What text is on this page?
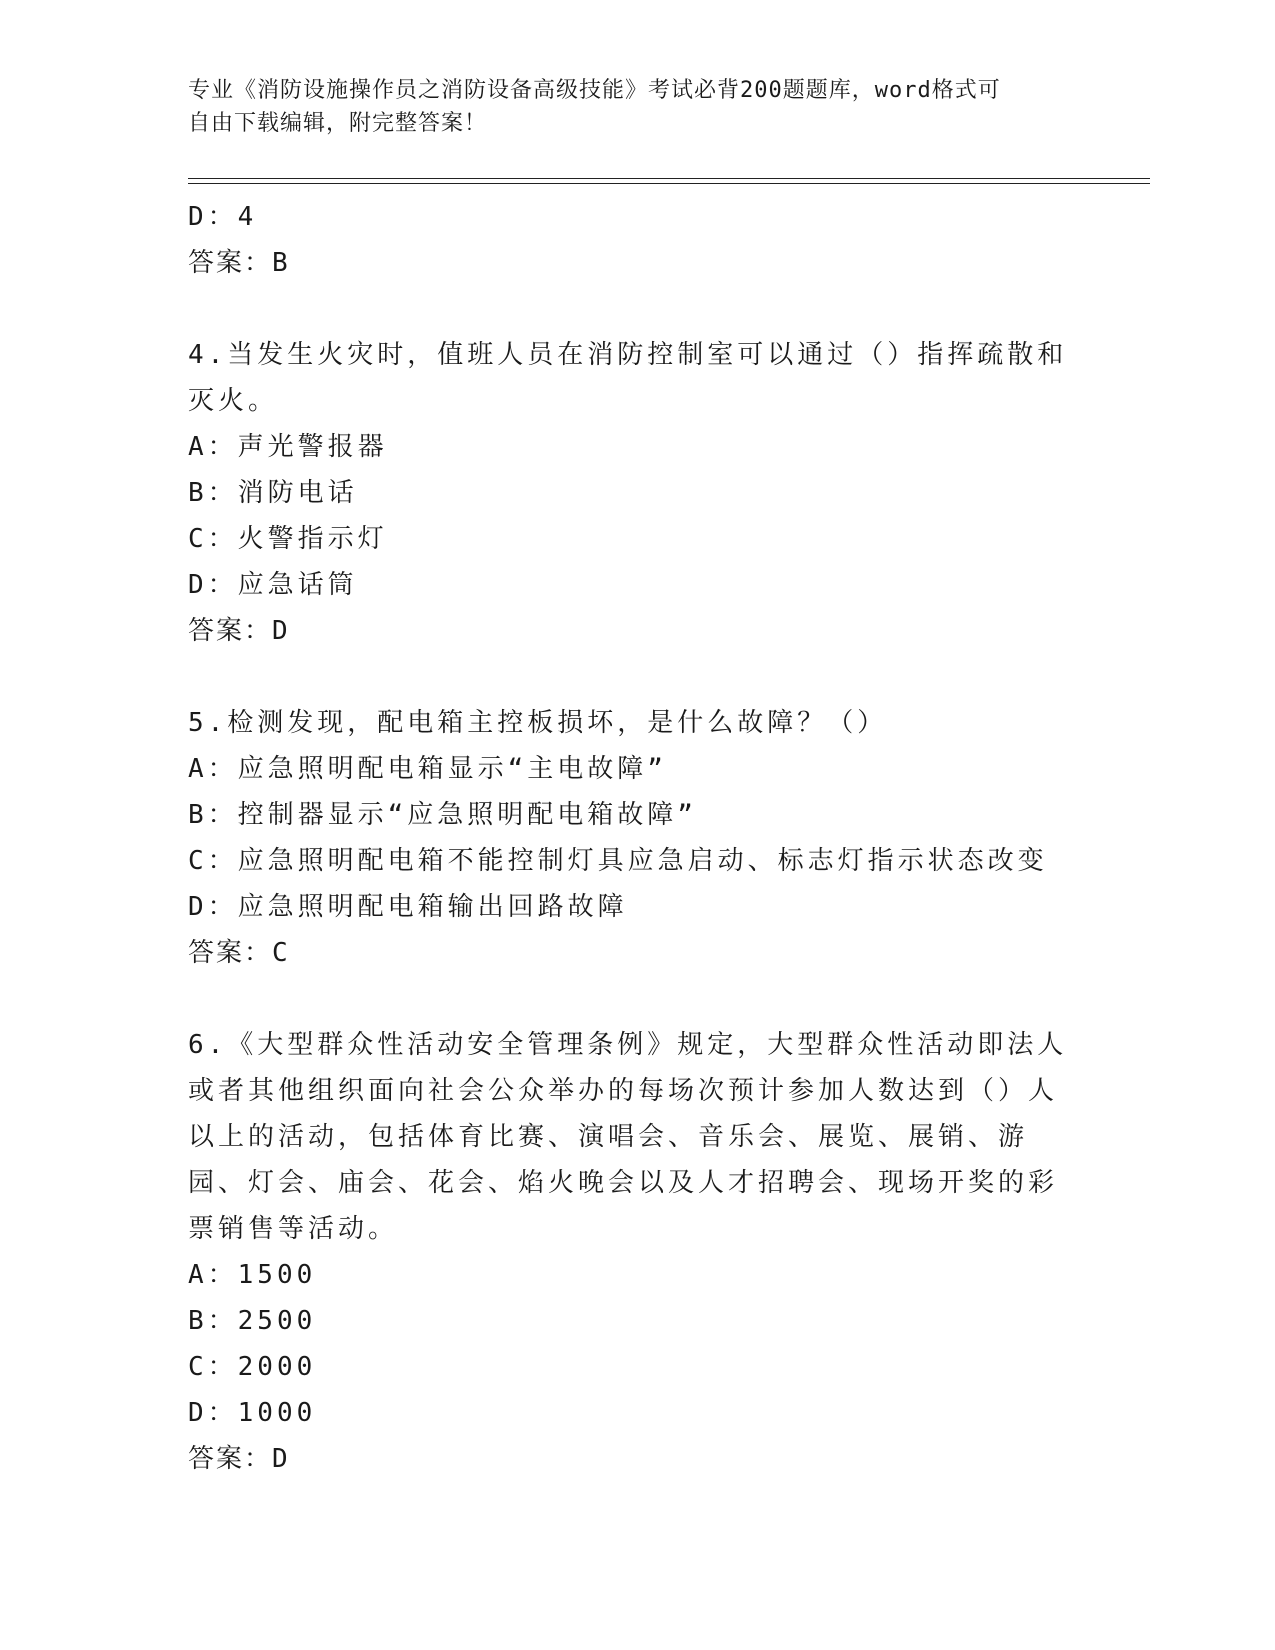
专业《消防设施操作员之消防设备高级技能》考试必背200题题库，word格式可
自由下载编辑，附完整答案！
D：4
答案：B
4.当发生火灾时，值班人员在消防控制室可以通过（）指挥疏散和灭火。
A：声光警报器
B：消防电话
C：火警指示灯
D：应急话筒
答案：D
5.检测发现，配电箱主控板损坏，是什么故障？（）
A：应急照明配电箱显示“主电故障”
B：控制器显示“应急照明配电箱故障”
C：应急照明配电箱不能控制灯具应急启动、标志灯指示状态改变
D：应急照明配电箱输出回路故障
答案：C
6.《大型群众性活动安全管理条例》规定，大型群众性活动即法人或者其他组织面向社会公众举办的每场次预计参加人数达到（）人以上的活动，包括体育比赛、演唱会、音乐会、展览、展销、游园、灯会、庙会、花会、焰火晚会以及人才招聘会、现场开奖的彩票销售等活动。
A：1500
B：2500
C：2000
D：1000
答案：D
